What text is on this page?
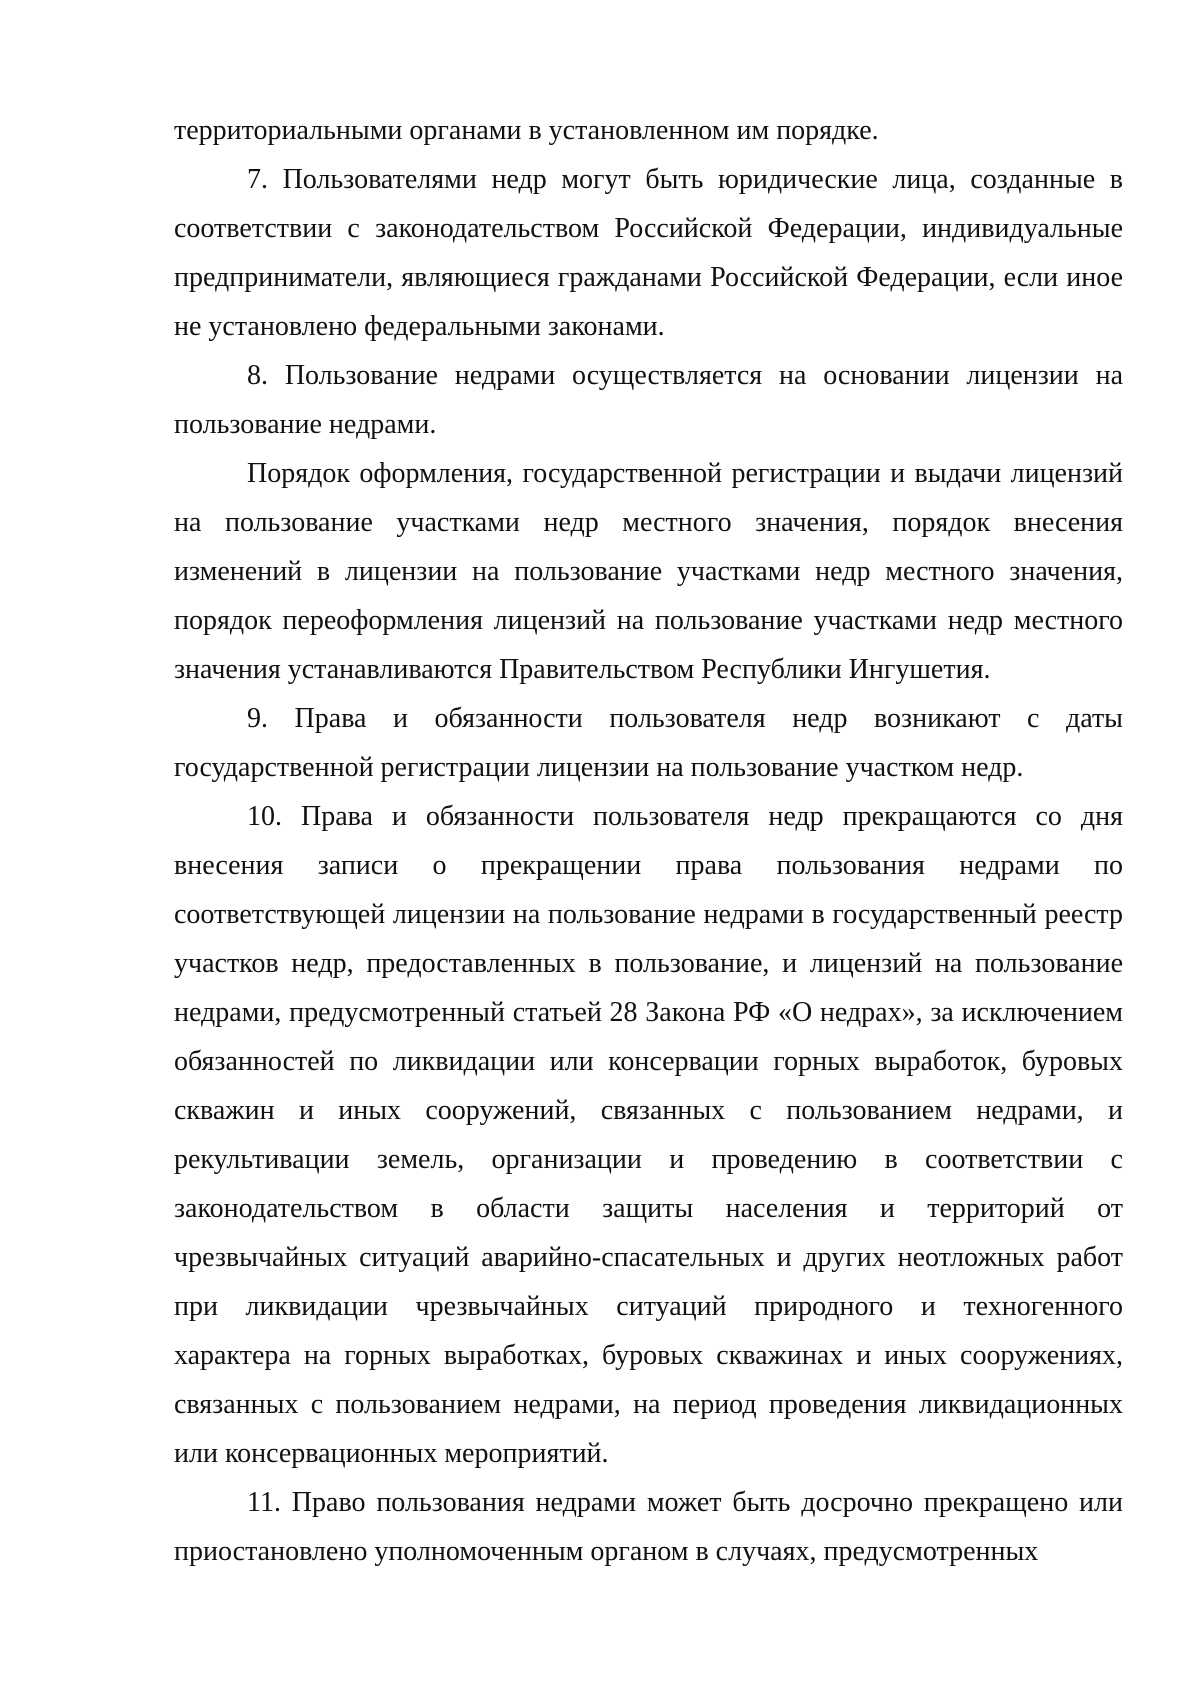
территориальными органами в установленном им порядке.

7. Пользователями недр могут быть юридические лица, созданные в соответствии с законодательством Российской Федерации, индивидуальные предприниматели, являющиеся гражданами Российской Федерации, если иное не установлено федеральными законами.

8. Пользование недрами осуществляется на основании лицензии на пользование недрами.

Порядок оформления, государственной регистрации и выдачи лицензий на пользование участками недр местного значения, порядок внесения изменений в лицензии на пользование участками недр местного значения, порядок переоформления лицензий на пользование участками недр местного значения устанавливаются Правительством Республики Ингушетия.

9. Права и обязанности пользователя недр возникают с даты государственной регистрации лицензии на пользование участком недр.

10. Права и обязанности пользователя недр прекращаются со дня внесения записи о прекращении права пользования недрами по соответствующей лицензии на пользование недрами в государственный реестр участков недр, предоставленных в пользование, и лицензий на пользование недрами, предусмотренный статьей 28 Закона РФ «О недрах», за исключением обязанностей по ликвидации или консервации горных выработок, буровых скважин и иных сооружений, связанных с пользованием недрами, и рекультивации земель, организации и проведению в соответствии с законодательством в области защиты населения и территорий от чрезвычайных ситуаций аварийно-спасательных и других неотложных работ при ликвидации чрезвычайных ситуаций природного и техногенного характера на горных выработках, буровых скважинах и иных сооружениях, связанных с пользованием недрами, на период проведения ликвидационных или консервационных мероприятий.

11. Право пользования недрами может быть досрочно прекращено или приостановлено уполномоченным органом в случаях, предусмотренных
